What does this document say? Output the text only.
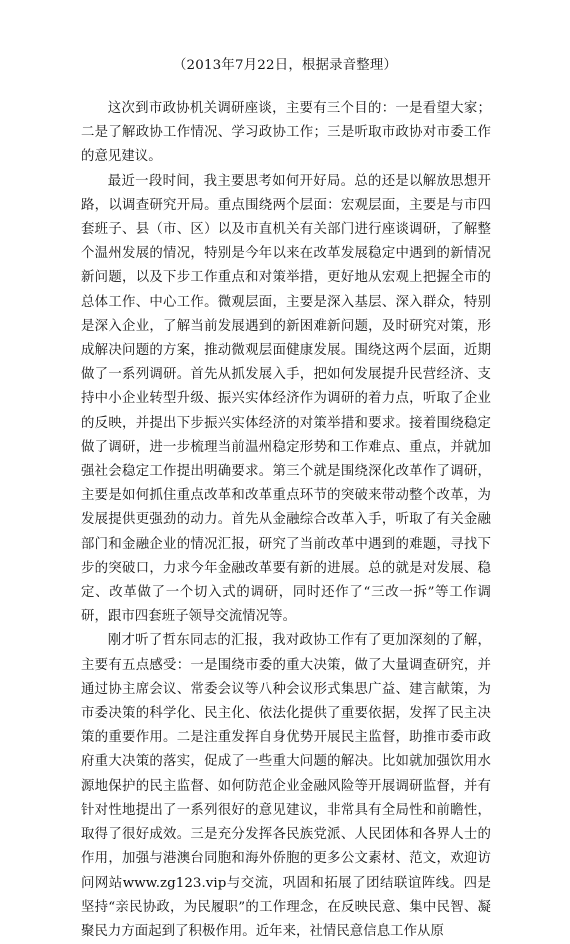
（2013年7月22日，根据录音整理）

这次到市政协机关调研座谈，主要有三个目的：一是看望大家；二是了解政协工作情况、学习政协工作；三是听取市政协对市委工作的意见建议。

最近一段时间，我主要思考如何开好局。总的还是以解放思想开路，以调查研究开局。重点围绕两个层面：宏观层面，主要是与市四套班子、县（市、区）以及市直机关有关部门进行座谈调研，了解整个温州发展的情况，特别是今年以来在改革发展稳定中遇到的新情况新问题，以及下步工作重点和对策举措，更好地从宏观上把握全市的总体工作、中心工作。微观层面，主要是深入基层、深入群众，特别是深入企业，了解当前发展遇到的新困难新问题，及时研究对策，形成解决问题的方案，推动微观层面健康发展。围绕这两个层面，近期做了一系列调研。首先从抓发展入手，把如何发展提升民营经济、支持中小企业转型升级、振兴实体经济作为调研的着力点，听取了企业的反映，并提出下步振兴实体经济的对策举措和要求。接着围绕稳定做了调研，进一步梳理当前温州稳定形势和工作难点、重点，并就加强社会稳定工作提出明确要求。第三个就是围绕深化改革作了调研，主要是如何抓住重点改革和改革重点环节的突破来带动整个改革，为发展提供更强劲的动力。首先从金融综合改革入手，听取了有关金融部门和金融企业的情况汇报，研究了当前改革中遇到的难题，寻找下步的突破口，力求今年金融改革要有新的进展。总的就是对发展、稳定、改革做了一个切入式的调研，同时还作了“三改一拆”等工作调研，跟市四套班子领导交流情况等。

刚才听了哲东同志的汇报，我对政协工作有了更加深刻的了解，主要有五点感受：一是围绕市委的重大决策，做了大量调查研究，并通过协主席会议、常委会议等八种会议形式集思广益、建言献策，为市委决策的科学化、民主化、依法化提供了重要依据，发挥了民主决策的重要作用。二是注重发挥自身优势开展民主监督，助推市委市政府重大决策的落实，促成了一些重大问题的解决。比如就加强饮用水源地保护的民主监督、如何防范企业金融风险等开展调研监督，并有针对性地提出了一系列很好的意见建议，非常具有全局性和前瞻性，取得了很好成效。三是充分发挥各民族党派、人民团体和各界人士的作用，加强与港澳台同胞和海外侨胞的更多公文素材、范文，欢迎访问网站www.zg123.vip与交流，巩固和拓展了团结联谊阵线。四是坚持“亲民协政，为民履职”的工作理念，在反映民意、集中民智、凝聚民力方面起到了积极作用。近年来，社情民意信息工作从原
